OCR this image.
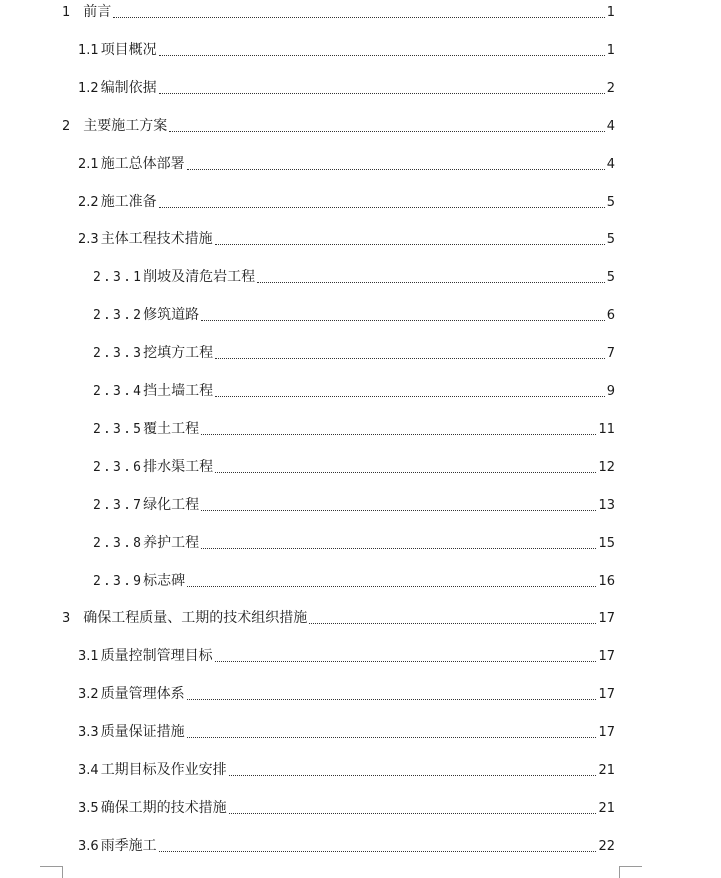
1 前言	1
1.1 项目概况	1
1.2 编制依据	2
2 主要施工方案	4
2.1 施工总体部署	4
2.2 施工准备	5
2.3 主体工程技术措施	5
2.3.1削坡及清危岩工程	5
2.3.2修筑道路	6
2.3.3挖填方工程	7
2.3.4挡土墙工程	9
2.3.5覆土工程	11
2.3.6排水渠工程	12
2.3.7绿化工程	13
2.3.8养护工程	15
2.3.9标志碑	16
3 确保工程质量、工期的技术组织措施	17
3.1 质量控制管理目标	17
3.2 质量管理体系	17
3.3 质量保证措施	17
3.4 工期目标及作业安排	21
3.5 确保工期的技术措施	21
3.6 雨季施工	22
